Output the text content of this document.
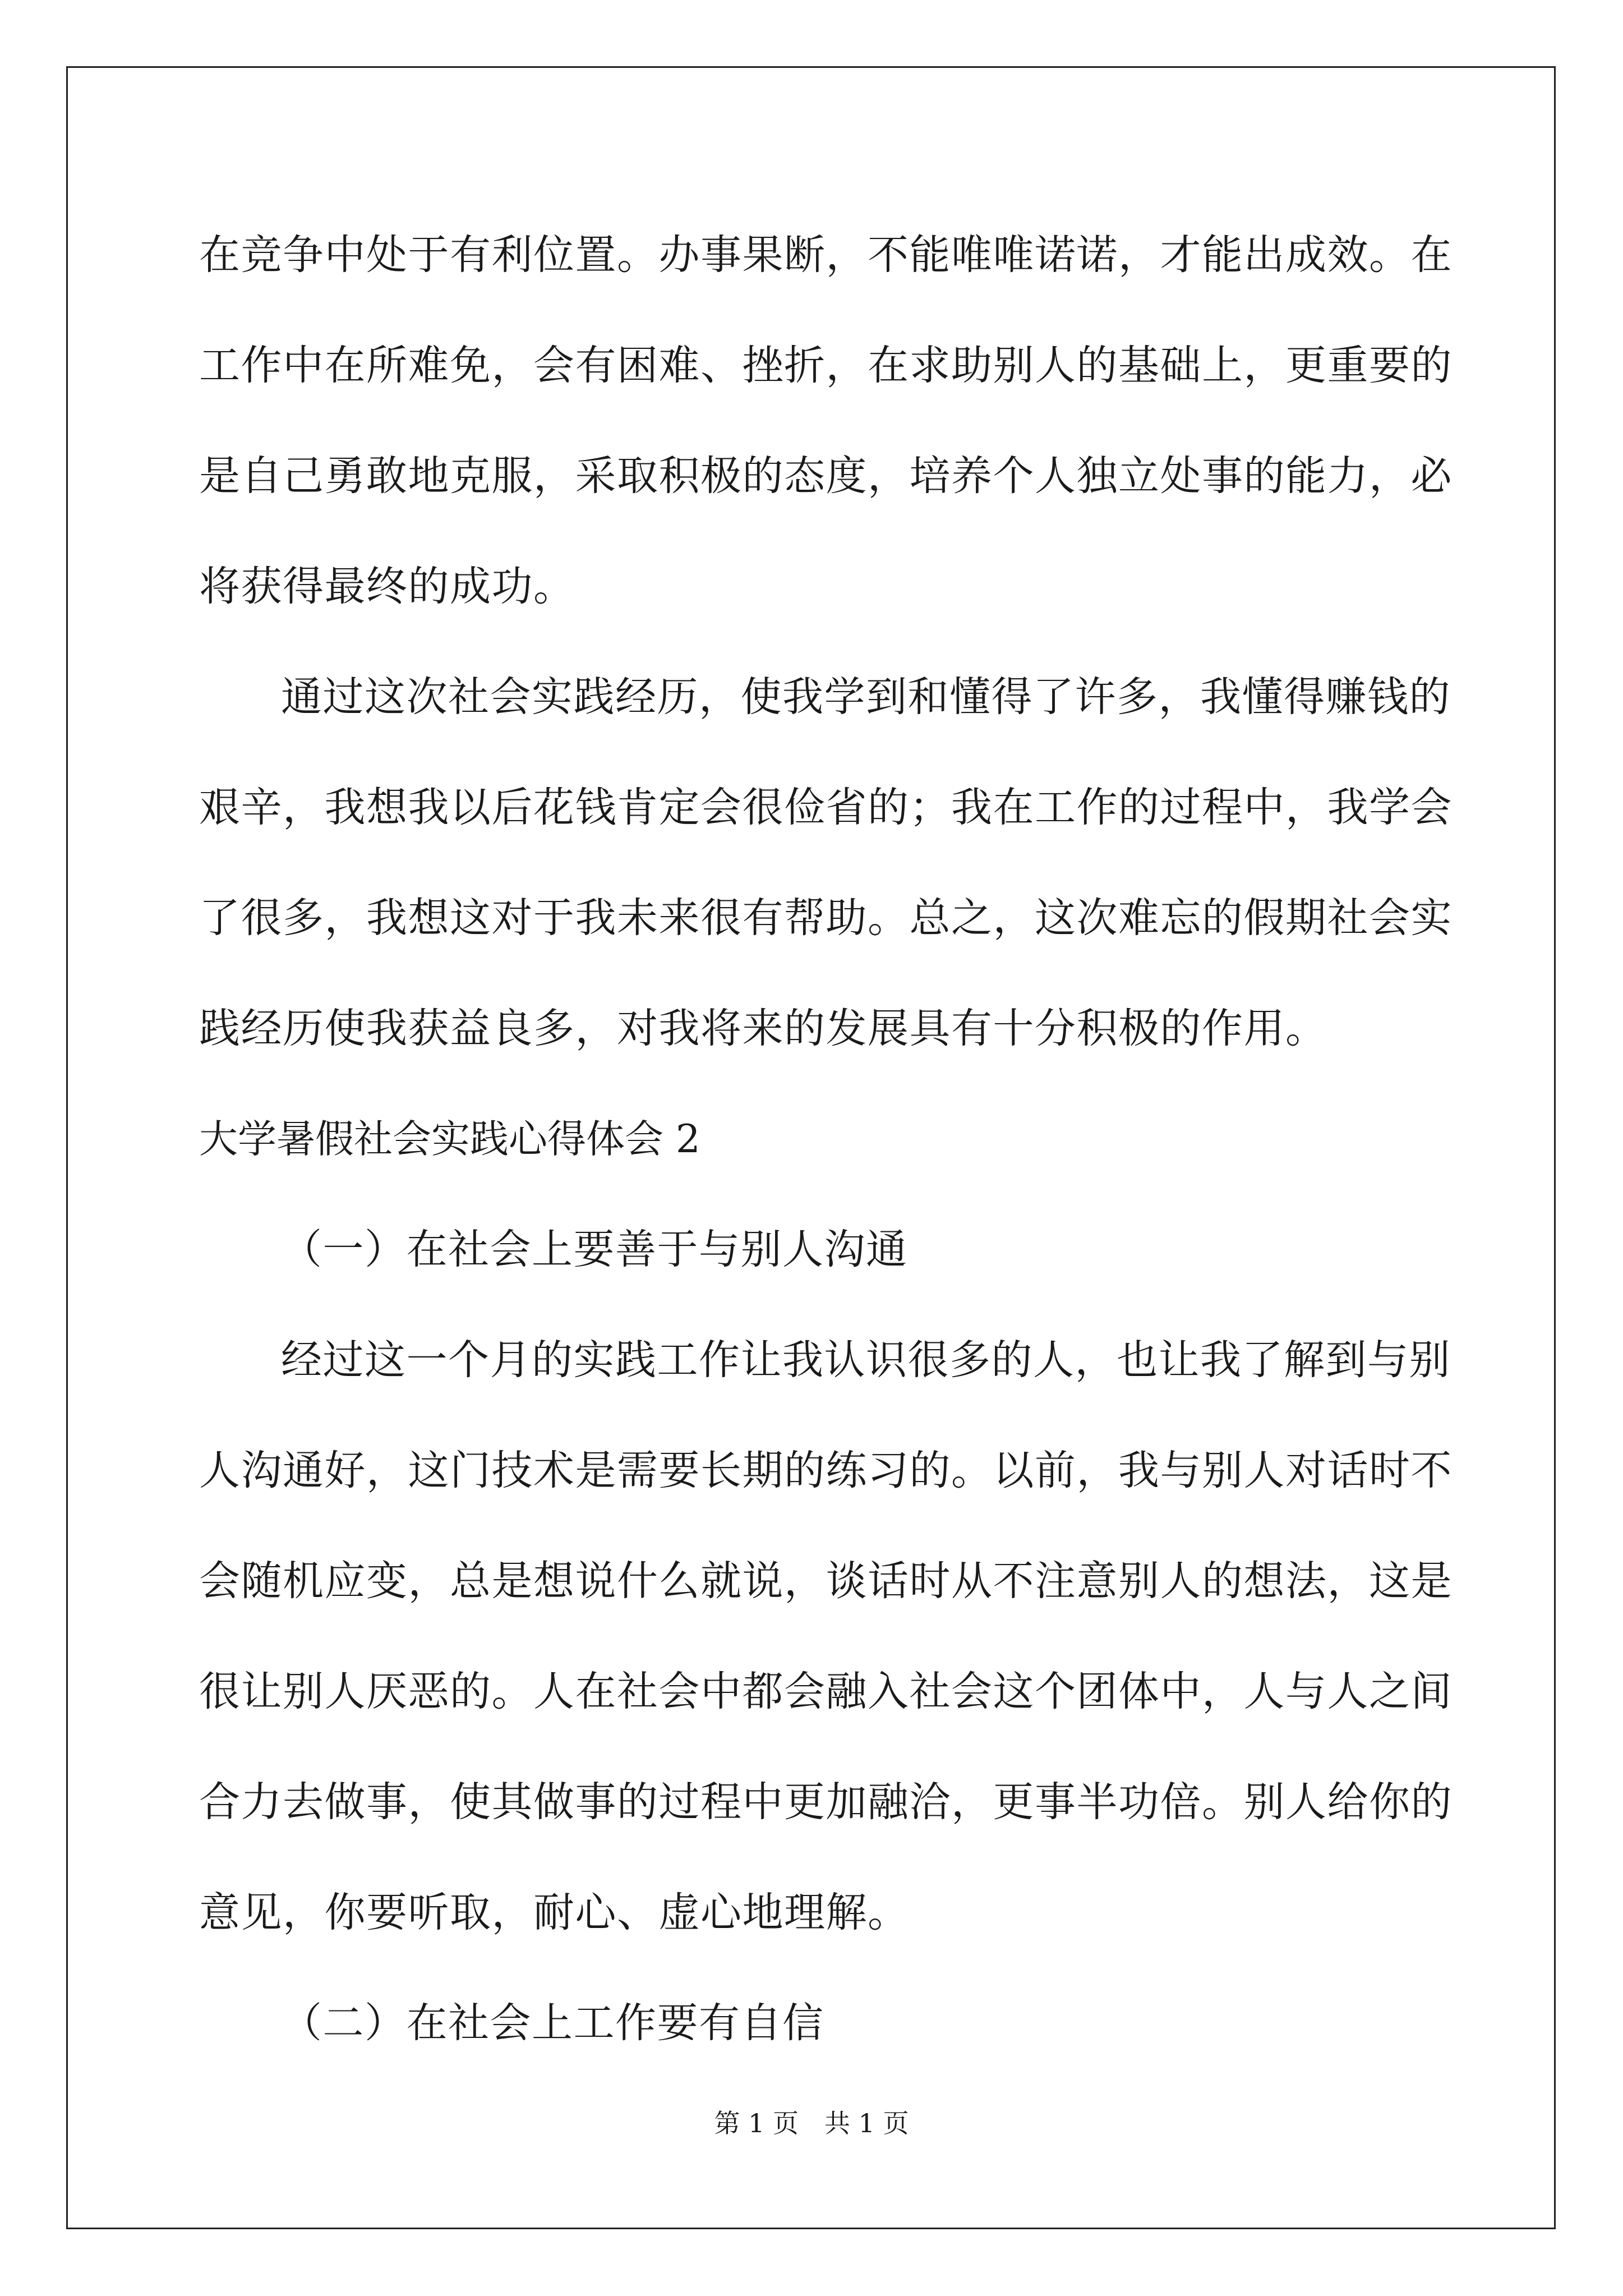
在竞争中处于有利位置。办事果断，不能唯唯诺诺，才能出成效。在
工作中在所难免，会有困难、挫折，在求助别人的基础上，更重要的
是自己勇敢地克服，采取积极的态度，培养个人独立处事的能力，必
将获得最终的成功。
通过这次社会实践经历，使我学到和懂得了许多，我懂得赚钱的
艰辛，我想我以后花钱肯定会很俭省的；我在工作的过程中，我学会
了很多，我想这对于我未来很有帮助。总之，这次难忘的假期社会实
践经历使我获益良多，对我将来的发展具有十分积极的作用。
大学暑假社会实践心得体会 2
（一）在社会上要善于与别人沟通
经过这一个月的实践工作让我认识很多的人，也让我了解到与别
人沟通好，这门技术是需要长期的练习的。以前，我与别人对话时不
会随机应变，总是想说什么就说，谈话时从不注意别人的想法，这是
很让别人厌恶的。人在社会中都会融入社会这个团体中，人与人之间
合力去做事，使其做事的过程中更加融洽，更事半功倍。别人给你的
意见，你要听取，耐心、虚心地理解。
（二）在社会上工作要有自信
第 1 页　共 1 页
